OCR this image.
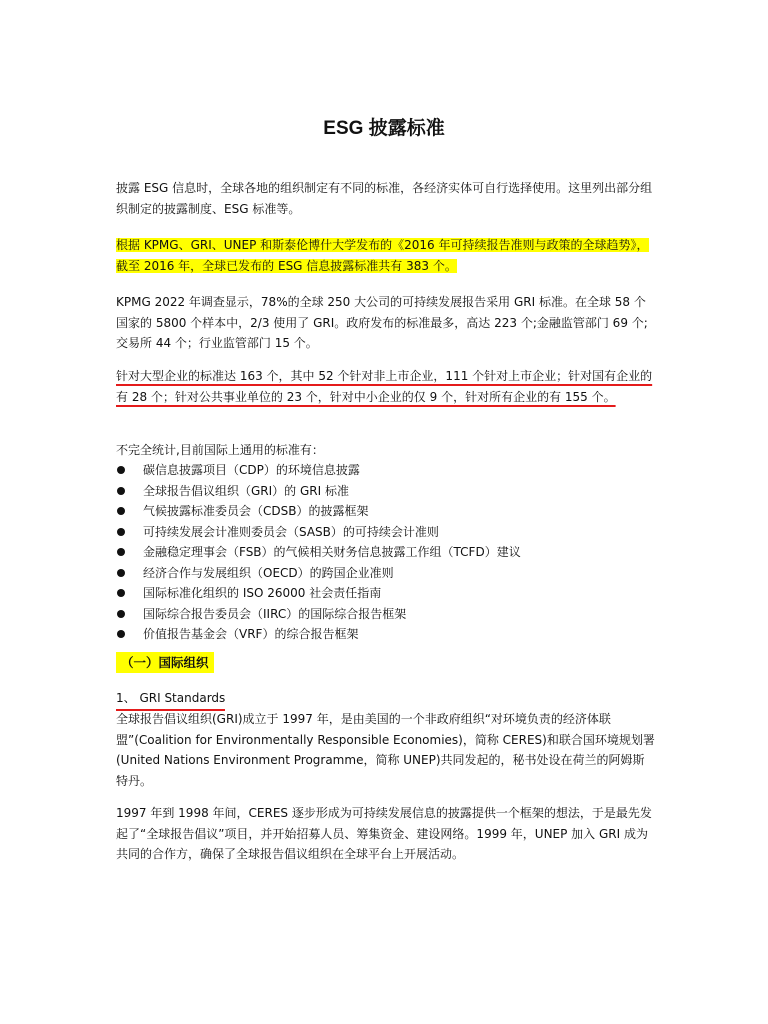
ESG 披露标准
披露 ESG 信息时，全球各地的组织制定有不同的标准，各经济实体可自行选择使用。这里列出部分组织制定的披露制度、ESG 标准等。
根据 KPMG、GRI、UNEP 和斯泰伦博什大学发布的《2016 年可持续报告准则与政策的全球趋势》，截至 2016 年，全球已发布的 ESG 信息披露标准共有 383 个。
KPMG 2022 年调查显示，78%的全球 250 大公司的可持续发展报告采用 GRI 标准。在全球 58 个国家的 5800 个样本中，2/3 使用了 GRI。政府发布的标准最多，高达 223 个;金融监管部门 69 个;交易所 44 个；行业监管部门 15 个。
针对大型企业的标准达 163 个，其中 52 个针对非上市企业，111 个针对上市企业；针对国有企业的有 28 个；针对公共事业单位的 23 个，针对中小企业的仅 9 个，针对所有企业的有 155 个。
不完全统计,目前国际上通用的标准有：
碳信息披露项目（CDP）的环境信息披露
全球报告倡议组织（GRI）的 GRI 标准
气候披露标准委员会（CDSB）的披露框架
可持续发展会计准则委员会（SASB）的可持续会计准则
金融稳定理事会（FSB）的气候相关财务信息披露工作组（TCFD）建议
经济合作与发展组织（OECD）的跨国企业准则
国际标准化组织的 ISO 26000 社会责任指南
国际综合报告委员会（IIRC）的国际综合报告框架
价值报告基金会（VRF）的综合报告框架
（一）国际组织
1、 GRI Standards
全球报告倡议组织(GRI)成立于 1997 年，是由美国的一个非政府组织“对环境负责的经济体联盟”(Coalition for Environmentally Responsible Economies)，简称 CERES)和联合国环境规划署(United Nations Environment Programme，简称 UNEP)共同发起的，秘书处设在荷兰的阿姆斯特丹。
1997 年到 1998 年间，CERES 逐步形成为可持续发展信息的披露提供一个框架的想法，于是最先发起了“全球报告倡议”项目，并开始招募人员、筹集资金、建设网络。1999 年，UNEP 加入 GRI 成为共同的合作方，确保了全球报告倡议组织在全球平台上开展活动。
